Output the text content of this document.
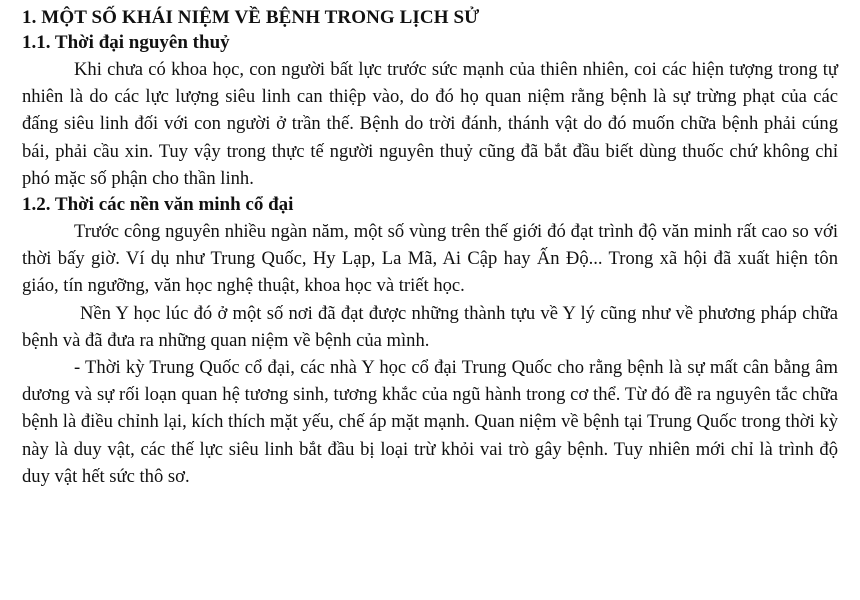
1. MỘT SỐ KHÁI NIỆM VỀ BỆNH TRONG LỊCH SỬ

1.1. Thời đại nguyên thuỷ

Khi chưa có khoa học, con người bất lực trước sức mạnh của thiên nhiên, coi các hiện tượng trong tự nhiên là do các lực lượng siêu linh can thiệp vào, do đó họ quan niệm rằng bệnh là sự trừng phạt của các đấng siêu linh đối với con người ở trần thế. Bệnh do trời đánh, thánh vật do đó muốn chữa bệnh phải cúng bái, phải cầu xin. Tuy vậy trong thực tế người nguyên thuỷ cũng đã bắt đầu biết dùng thuốc chứ không chỉ phó mặc số phận cho thần linh.

1.2. Thời các nền văn minh cổ đại

Trước công nguyên nhiều ngàn năm, một số vùng trên thế giới đó đạt trình độ văn minh rất cao so với thời bấy giờ. Ví dụ như Trung Quốc, Hy Lạp, La Mã, Ai Cập hay Ấn Độ... Trong xã hội đã xuất hiện tôn giáo, tín ngưỡng, văn học nghệ thuật, khoa học và triết học.

Nền Y học lúc đó ở một số nơi đã đạt được những thành tựu về Y lý cũng như về phương pháp chữa bệnh và đã đưa ra những quan niệm về bệnh của mình.

- Thời kỳ Trung Quốc cổ đại, các nhà Y học cổ đại Trung Quốc cho rằng bệnh là sự mất cân bằng âm dương và sự rối loạn quan hệ tương sinh, tương khắc của ngũ hành trong cơ thể. Từ đó đề ra nguyên tắc chữa bệnh là điều chỉnh lại, kích thích mặt yếu, chế áp mặt mạnh. Quan niệm về bệnh tại Trung Quốc trong thời kỳ này là duy vật, các thế lực siêu linh bắt đầu bị loại trừ khỏi vai trò gây bệnh. Tuy nhiên mới chỉ là trình độ duy vật hết sức thô sơ.
